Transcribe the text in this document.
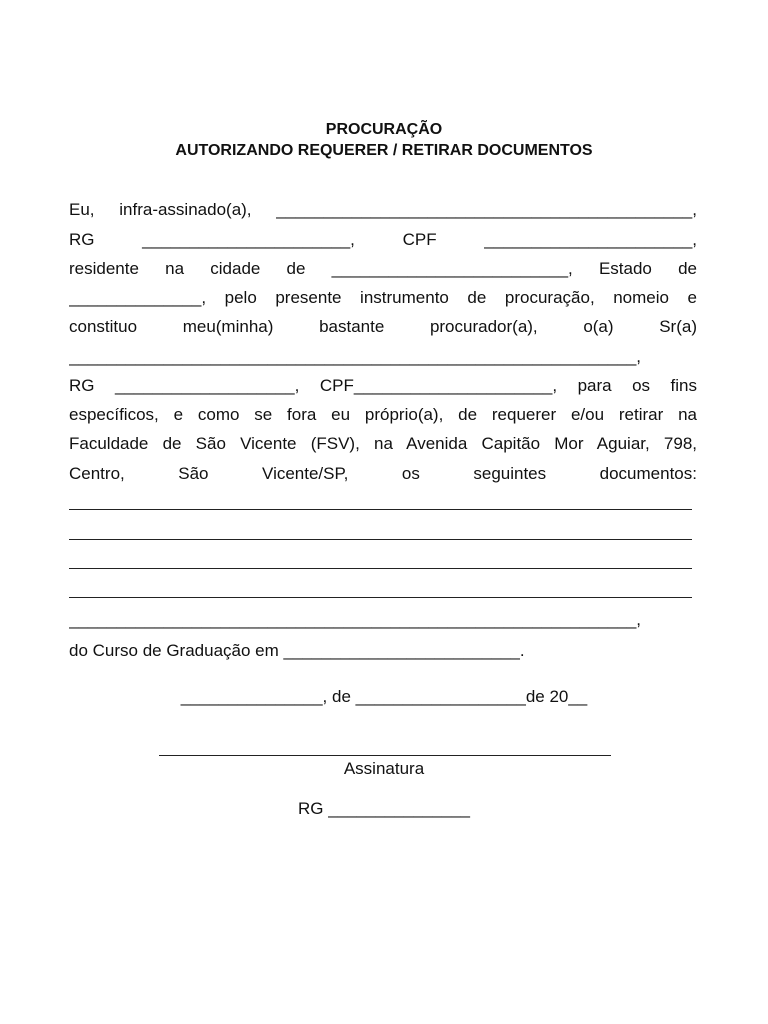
PROCURAÇÃO
AUTORIZANDO REQUERER / RETIRAR DOCUMENTOS
Eu, infra-assinado(a), ____________________________________________,
RG ______________________, CPF ______________________,
residente na cidade de _________________________, Estado de
______________, pelo presente instrumento de procuração, nomeio e
constituo meu(minha) bastante procurador(a), o(a) Sr(a)
____________________________________________________________,
RG ___________________, CPF_____________________, para os fins
específicos, e como se fora eu próprio(a), de requerer e/ou retirar na
Faculdade de São Vicente (FSV), na Avenida Capitão Mor Aguiar, 798,
Centro, São Vicente/SP, os seguintes documentos:
____________________________________________________________,
do Curso de Graduação em _________________________.
_______________, de __________________de 20__
Assinatura
RG _______________
